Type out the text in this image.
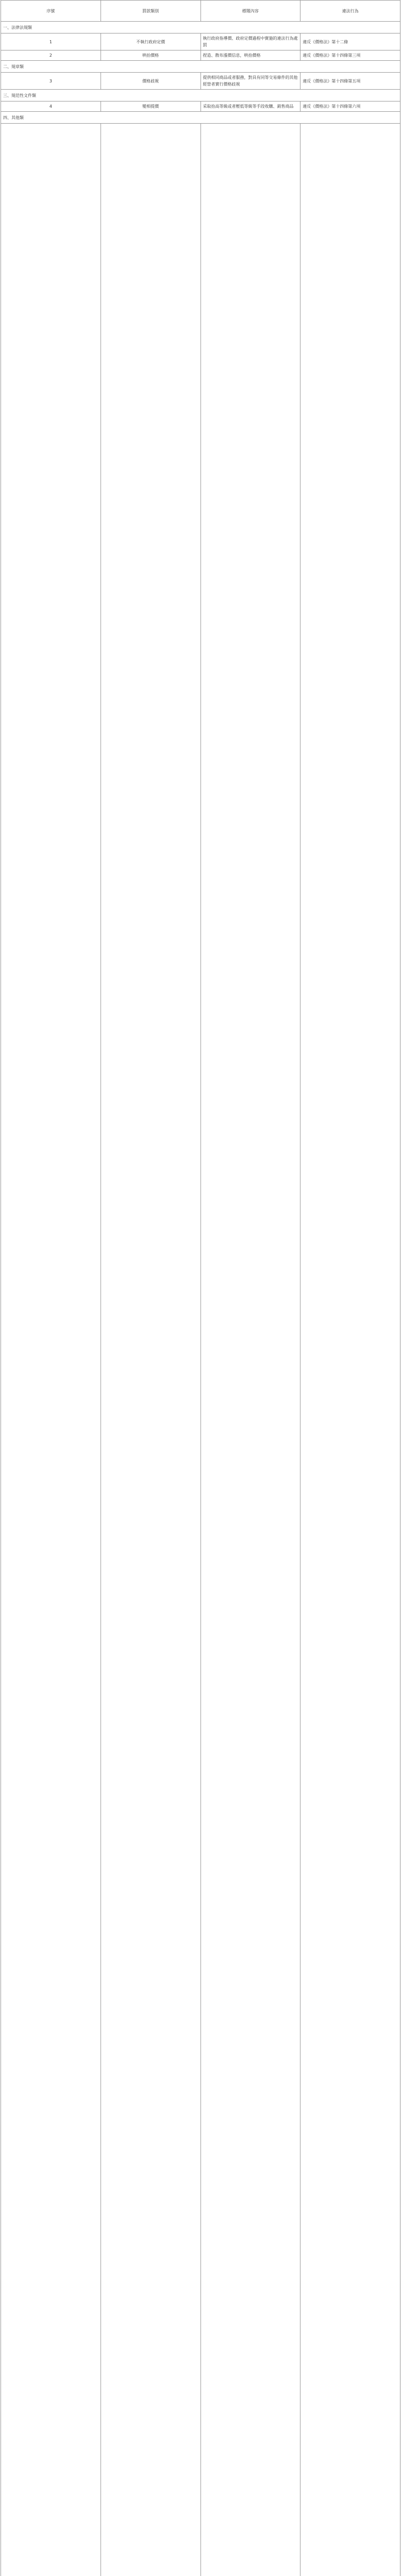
序號	罰款類別	標題內容	違法行為
一、法律法規類			
1	不執行政府定價	執行政府指導價、政府定價過程中實施的違法行為處罰	違反《價格法》第十二條
2	哄抬價格	捏造、散布漲價信息，哄抬價格	違反《價格法》第十四條第三項
二、規章類			
3	價格歧視	提供相同商品或者服務，對具有同等交易條件的其他經營者實行價格歧視	違反《價格法》第十四條第五項
三、規范性文件類			
4	變相提價	采取抬高等級或者壓低等級等手段收購、銷售商品	違反《價格法》第十四條第六項
四、其他類			
